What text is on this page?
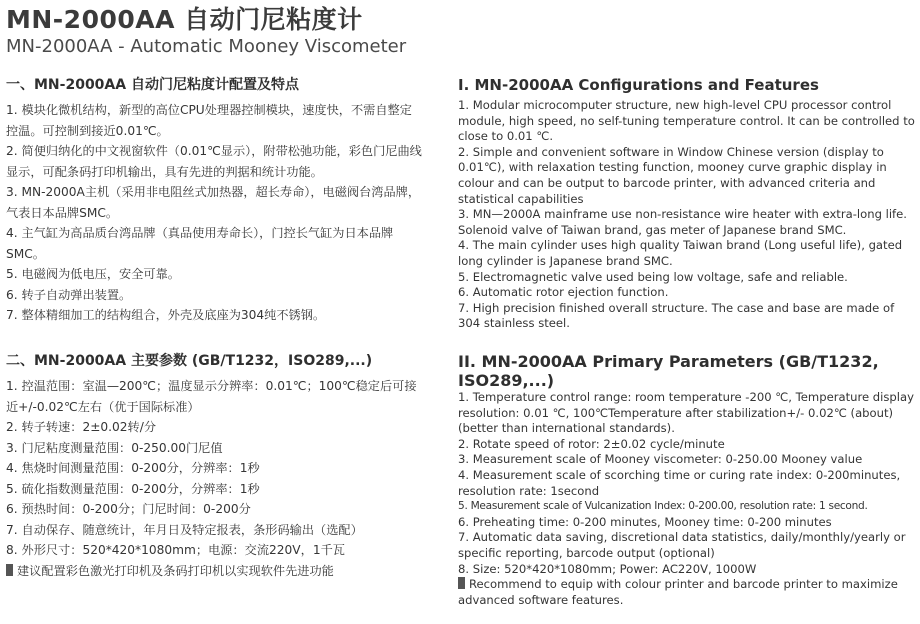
MN-2000AA 自动门尼粘度计
MN-2000AA - Automatic Mooney Viscometer
一、MN-2000AA 自动门尼粘度计配置及特点
1. 模块化微机结构，新型的高位CPU处理器控制模块，速度快，不需自整定控温。可控制到接近0.01℃。
2. 简便归纳化的中文视窗软件（0.01℃显示），附带松弛功能，彩色门尼曲线显示，可配条码打印机输出，具有先进的判据和统计功能。
3. MN-2000A主机（采用非电阻丝式加热器，超长寿命），电磁阀台湾品牌，气表日本品牌SMC。
4. 主气缸为高品质台湾品牌（真品使用寿命长），门控长气缸为日本品牌SMC。
5. 电磁阀为低电压，安全可靠。
6. 转子自动弹出装置。
7. 整体精细加工的结构组合，外壳及底座为304纯不锈钢。
二、MN-2000AA 主要参数 (GB/T1232，ISO289,...)
1. 控温范围：室温—200℃；温度显示分辨率：0.01℃；100℃稳定后可接近+/-0.02℃左右（优于国际标准）
2. 转子转速：2±0.02转/分
3. 门尼粘度测量范围：0-250.00门尼值
4. 焦烧时间测量范围：0-200分，分辨率：1秒
5. 硫化指数测量范围：0-200分，分辨率：1秒
6. 预热时间：0-200分；门尼时间：0-200分
7. 自动保存、随意统计，年月日及特定报表，条形码输出（选配）
8. 外形尺寸：520*420*1080mm；电源：交流220V，1千瓦
建议配置彩色激光打印机及条码打印机以实现软件先进功能
I. MN-2000AA Configurations and Features
1. Modular microcomputer structure, new high-level CPU processor control module, high speed, no self-tuning temperature control. It can be controlled to close to 0.01 ℃.
2. Simple and convenient software in Window Chinese version (display to 0.01℃), with relaxation testing function, mooney curve graphic display in colour and can be output to barcode printer, with advanced criteria and statistical capabilities
3. MN—2000A mainframe use non-resistance wire heater with extra-long life. Solenoid valve of Taiwan brand, gas meter of Japanese brand SMC.
4. The main cylinder uses high quality Taiwan brand (Long useful life), gated long cylinder is Japanese brand SMC.
5. Electromagnetic valve used being low voltage, safe and reliable.
6. Automatic rotor ejection function.
7. High precision finished overall structure. The case and base are made of 304 stainless steel.
II. MN-2000AA Primary Parameters (GB/T1232, ISO289,...)
1. Temperature control range: room temperature -200 ℃, Temperature display resolution: 0.01 ℃, 100℃Temperature after stabilization+/- 0.02℃ (about) (better than international standards).
2. Rotate speed of rotor: 2±0.02 cycle/minute
3. Measurement scale of Mooney viscometer: 0-250.00 Mooney value
4. Measurement scale of scorching time or curing rate index: 0-200minutes, resolution rate: 1second
5. Measurement scale of Vulcanization Index: 0-200.00, resolution rate: 1 second.
6. Preheating time: 0-200 minutes, Mooney time: 0-200 minutes
7. Automatic data saving, discretional data statistics, daily/monthly/yearly or specific reporting, barcode output (optional)
8. Size: 520*420*1080mm; Power: AC220V, 1000W
Recommend to equip with colour printer and barcode printer to maximize advanced software features.
